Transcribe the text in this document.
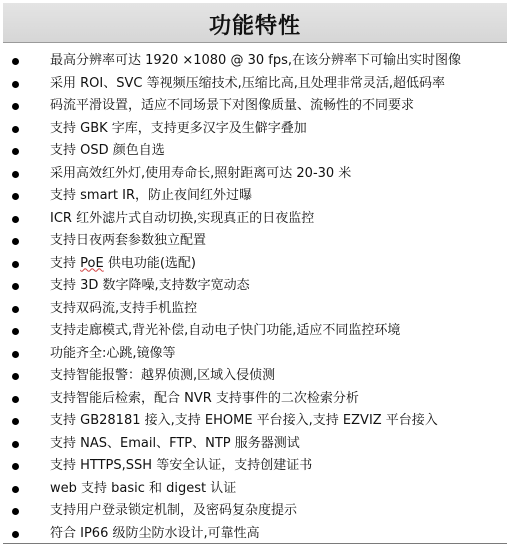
功能特性
最高分辨率可达 1920 ×1080 @ 30 fps,在该分辨率下可输出实时图像
采用 ROI、SVC 等视频压缩技术,压缩比高,且处理非常灵活,超低码率
码流平滑设置，适应不同场景下对图像质量、流畅性的不同要求
支持 GBK 字库，支持更多汉字及生僻字叠加
支持 OSD 颜色自选
采用高效红外灯,使用寿命长,照射距离可达 20-30 米
支持 smart IR，防止夜间红外过曝
ICR 红外滤片式自动切换,实现真正的日夜监控
支持日夜两套参数独立配置
支持 PoE 供电功能(选配)
支持 3D 数字降噪,支持数字宽动态
支持双码流,支持手机监控
支持走廊模式,背光补偿,自动电子快门功能,适应不同监控环境
功能齐全:心跳,镜像等
支持智能报警：越界侦测,区域入侵侦测
支持智能后检索，配合 NVR 支持事件的二次检索分析
支持 GB28181 接入,支持 EHOME 平台接入,支持 EZVIZ 平台接入
支持 NAS、Email、FTP、NTP 服务器测试
支持 HTTPS,SSH 等安全认证，支持创建证书
web 支持 basic 和 digest 认证
支持用户登录锁定机制，及密码复杂度提示
符合 IP66 级防尘防水设计,可靠性高
